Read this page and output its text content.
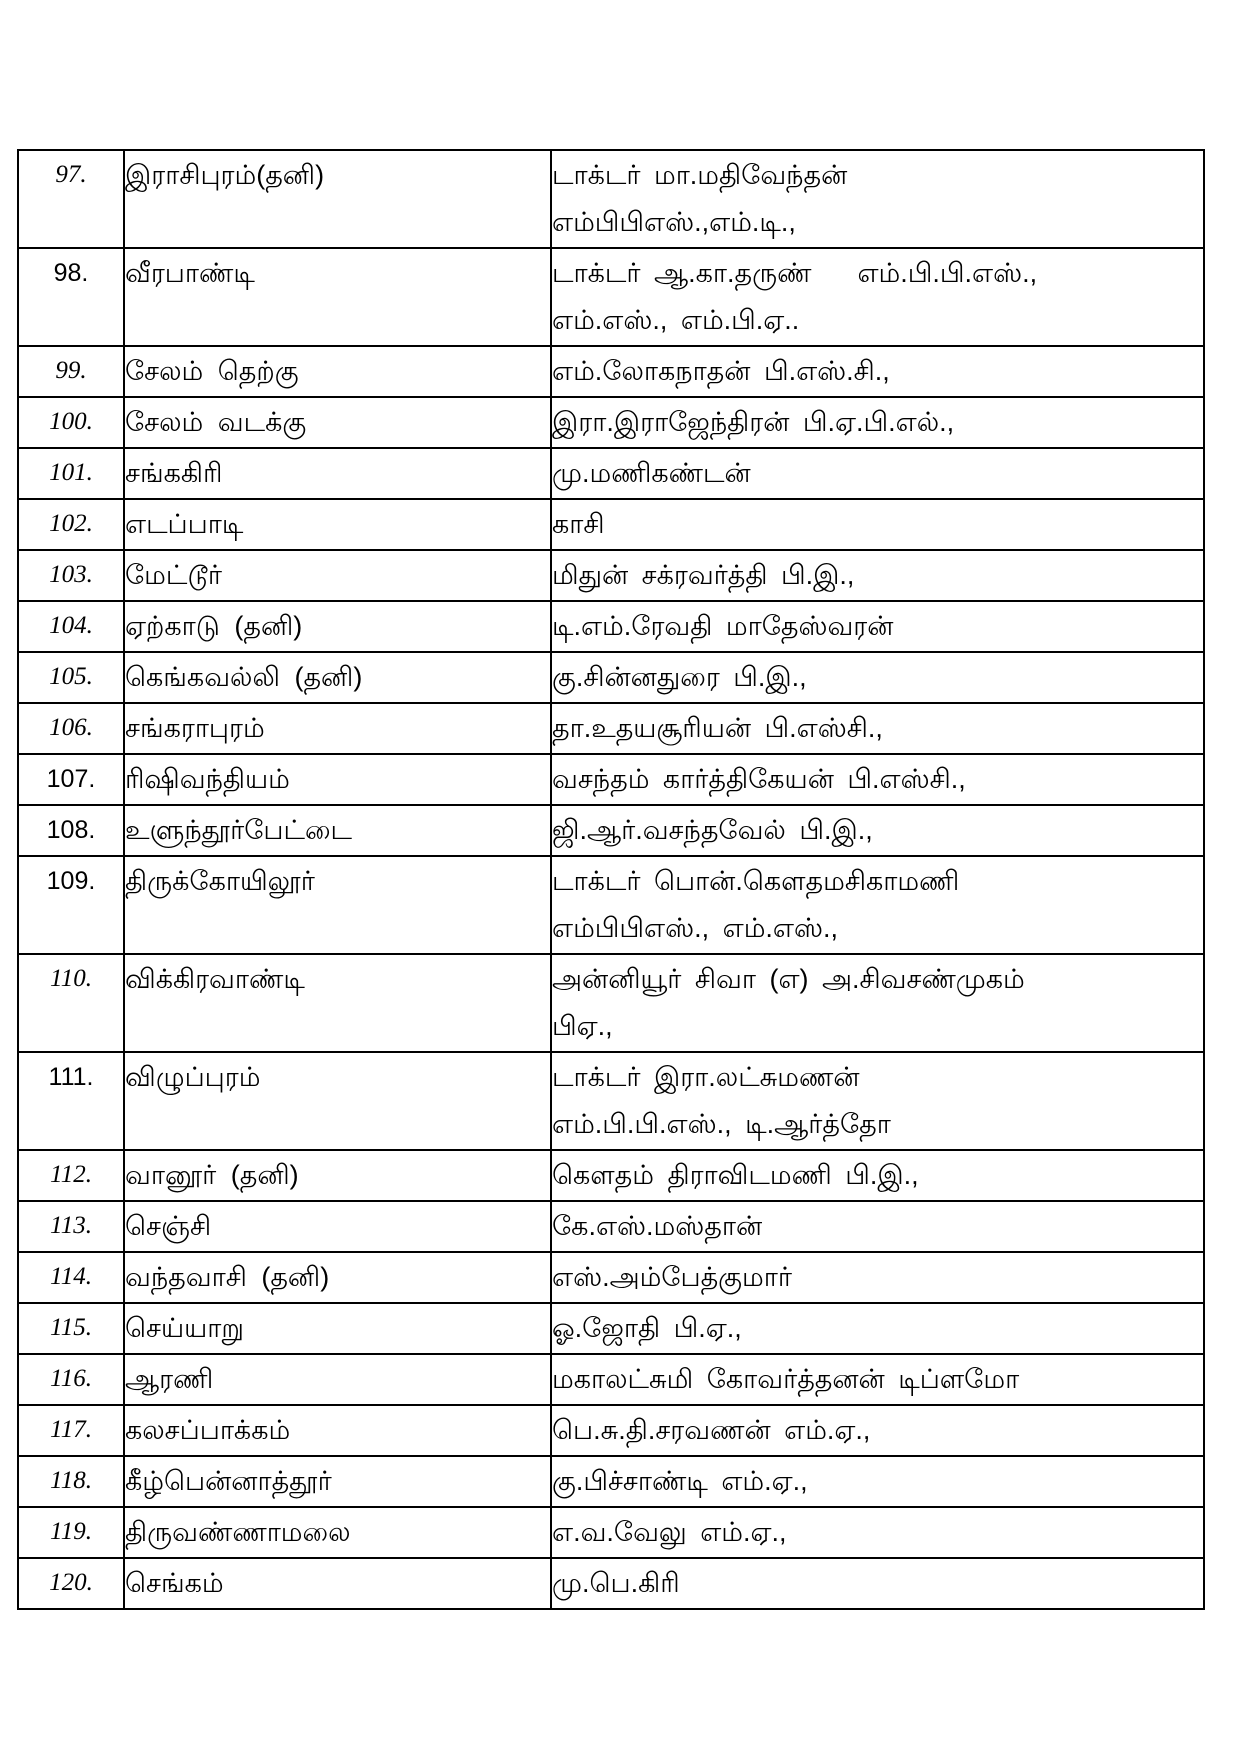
97.	இராசிபுரம்(தனி)	டாக்டர் மா.மதிவேந்தன்
எம்பிபிஎஸ்.,எம்.டி.,

98.	வீரபாண்டி	டாக்டர் ஆ.கா.தருண் எம்.பி.பி.எஸ்.,
எம்.எஸ்., எம்.பி.ஏ..

99.	சேலம் தெற்கு	எம்.லோகநாதன் பி.எஸ்.சி.,

100.	சேலம் வடக்கு	இரா.இராஜேந்திரன் பி.ஏ.பி.எல்.,

101.	சங்ககிரி	மு.மணிகண்டன்

102.	எடப்பாடி	காசி

103.	மேட்டூர்	மிதுன் சக்ரவர்த்தி பி.இ.,

104.	ஏற்காடு (தனி)	டி.எம்.ரேவதி மாதேஸ்வரன்

105.	கெங்கவல்லி (தனி)	கு.சின்னதுரை பி.இ.,

106.	சங்கராபுரம்	தா.உதயசூரியன் பி.எஸ்சி.,

107.	ரிஷிவந்தியம்	வசந்தம் கார்த்திகேயன் பி.எஸ்சி.,

108.	உளுந்தூர்பேட்டை	ஜி.ஆர்.வசந்தவேல் பி.இ.,

109.	திருக்கோயிலூர்	டாக்டர் பொன்.கௌதமசிகாமணி
எம்பிபிஎஸ்., எம்.எஸ்.,

110.	விக்கிரவாண்டி	அன்னியூர் சிவா (எ) அ.சிவசண்முகம்
பிஏ.,

111.	விழுப்புரம்	டாக்டர் இரா.லட்சுமணன்
எம்.பி.பி.எஸ்., டி.ஆர்த்தோ

112.	வானூர் (தனி)	கௌதம் திராவிடமணி பி.இ.,

113.	செஞ்சி	கே.எஸ்.மஸ்தான்

114.	வந்தவாசி (தனி)	எஸ்.அம்பேத்குமார்

115.	செய்யாறு	ஓ.ஜோதி பி.ஏ.,

116.	ஆரணி	மகாலட்சுமி கோவர்த்தனன் டிப்ளமோ

117.	கலசப்பாக்கம்	பெ.சு.தி.சரவணன் எம்.ஏ.,

118.	கீழ்பென்னாத்தூர்	கு.பிச்சாண்டி எம்.ஏ.,

119.	திருவண்ணாமலை	எ.வ.வேலு எம்.ஏ.,

120.	செங்கம்	மு.பெ.கிரி
